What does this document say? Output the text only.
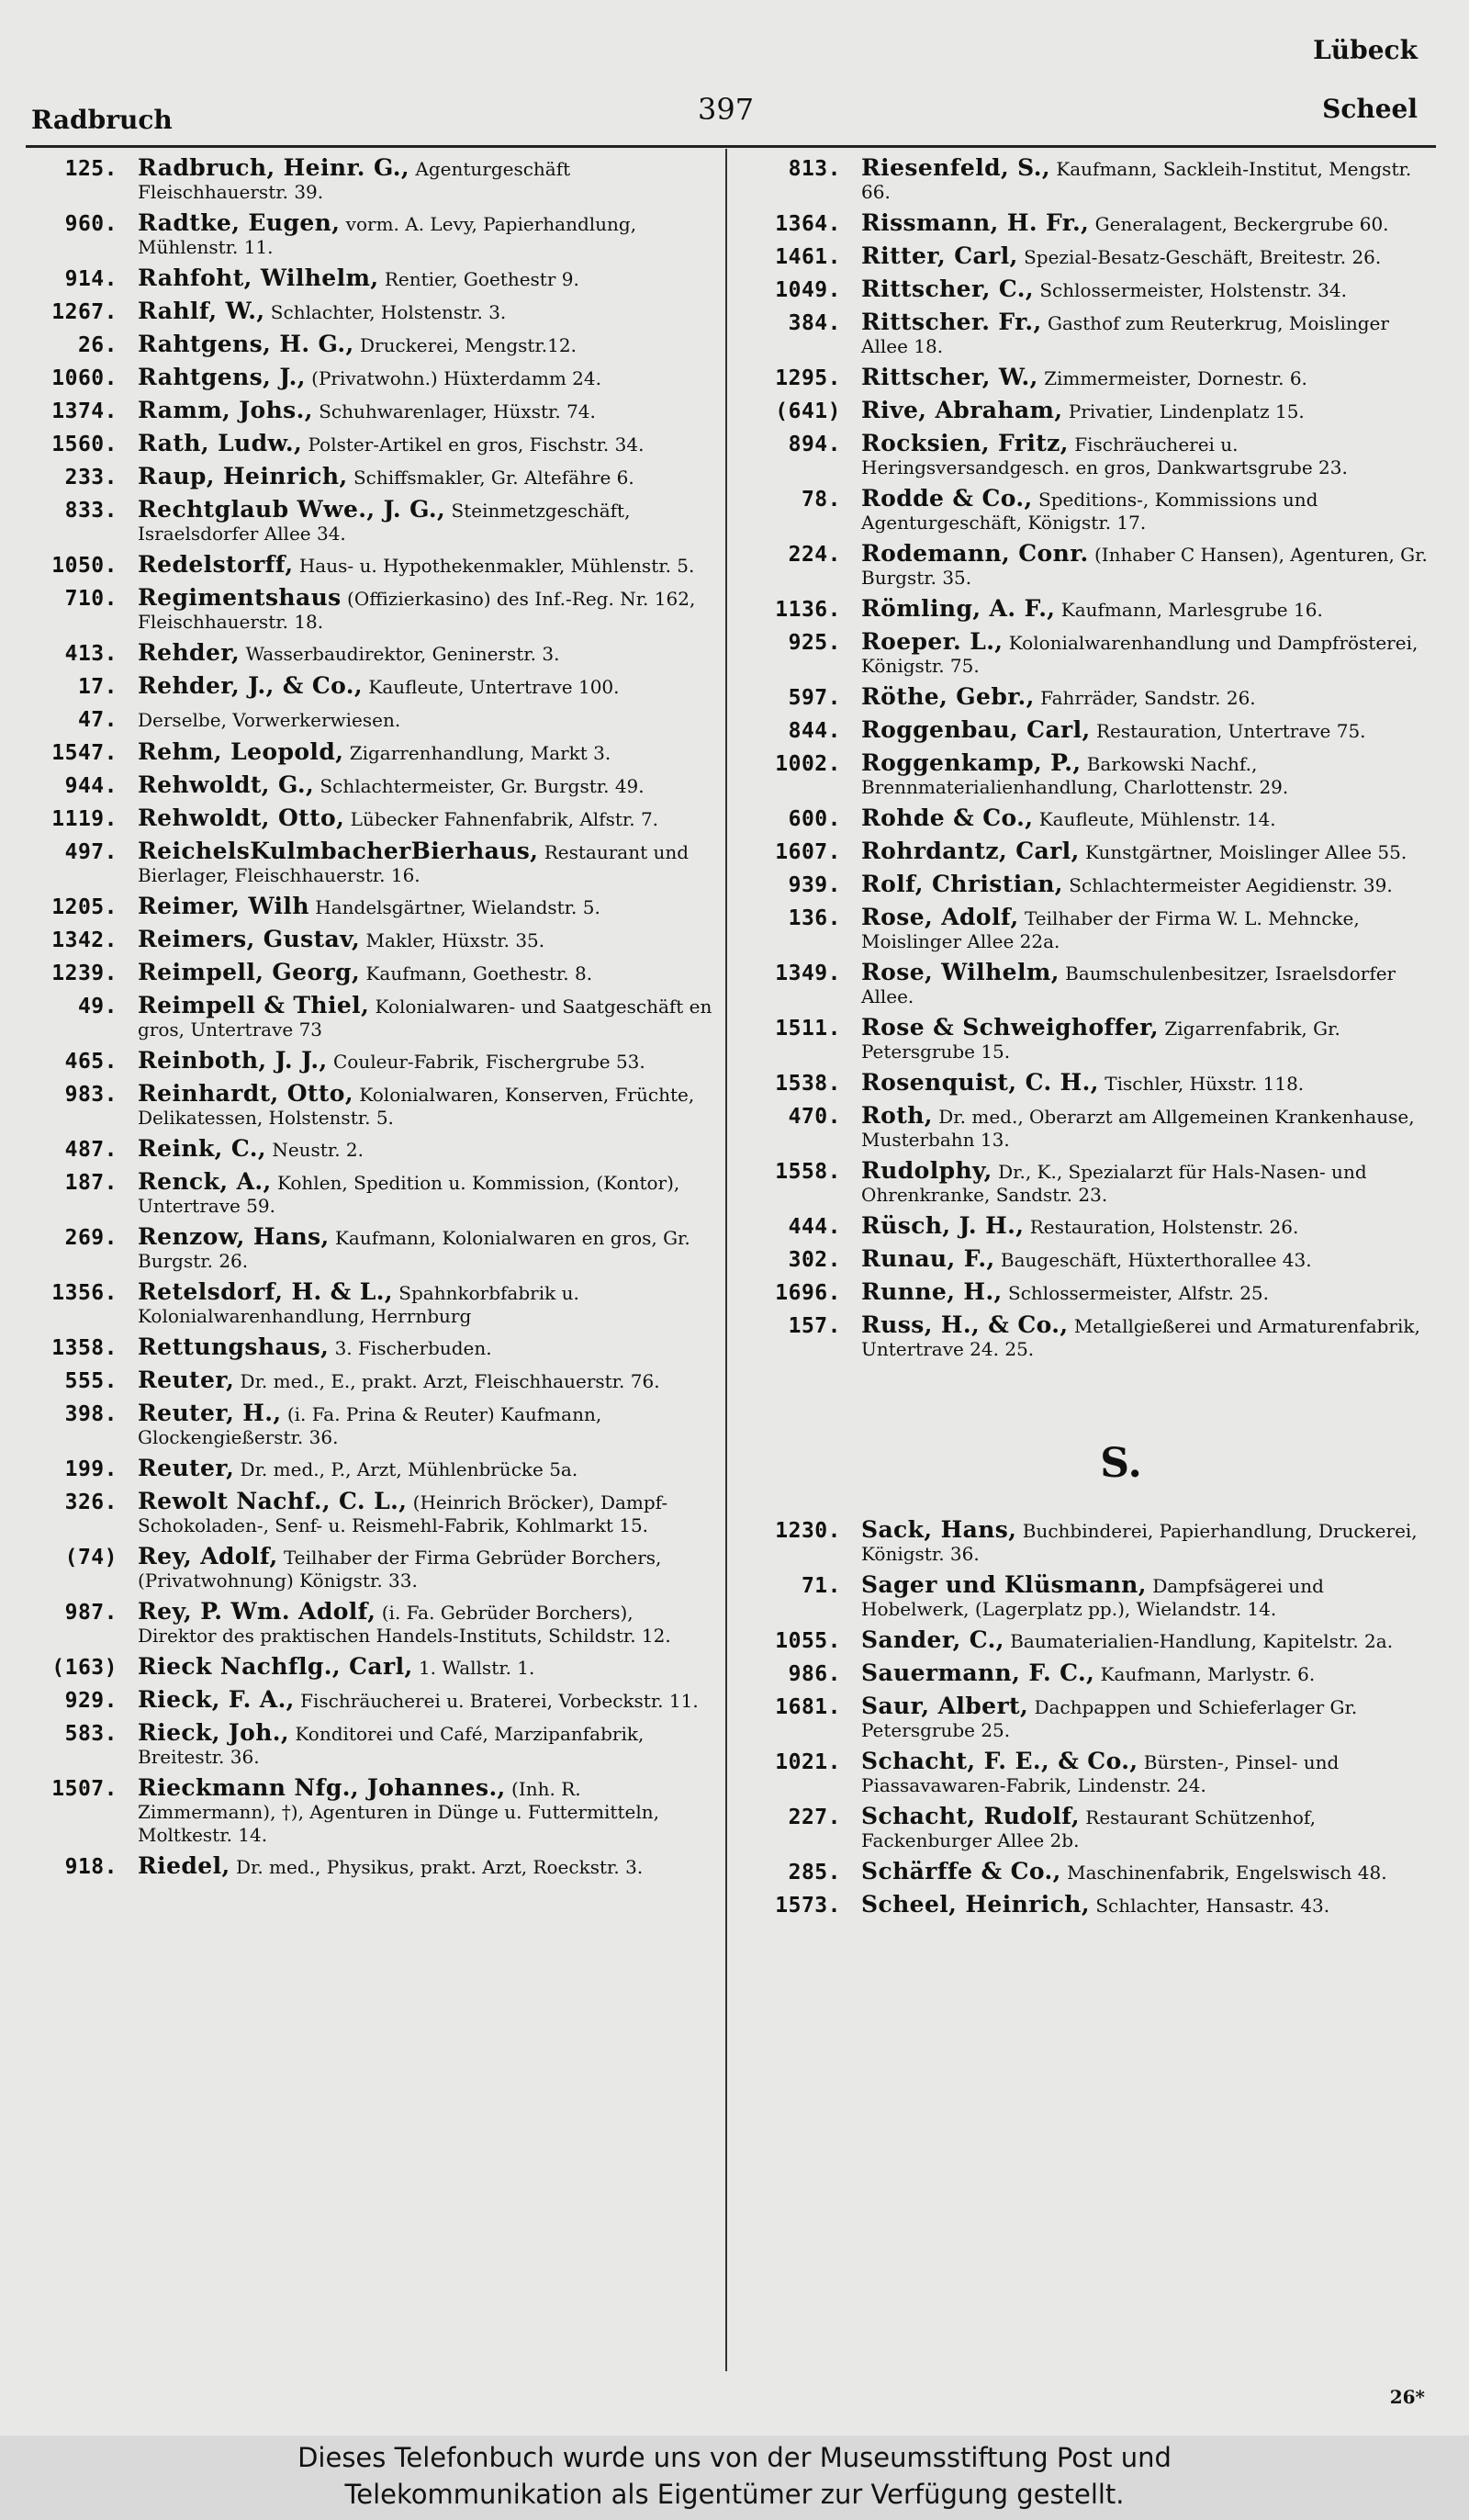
Lübeck
Radbruch	397	Scheel
125. Radbruch, Heinr. G., Agenturgeschäft Fleischhauerstr. 39.
960. Radtke, Eugen, vorm. A. Levy, Papierhandlung, Mühlenstr. 11.
914. Rahfoht, Wilhelm, Rentier, Goethestr 9.
1267. Rahlf, W., Schlachter, Holstenstr. 3.
26. Rahtgens, H. G., Druckerei, Mengstr.12.
1060. Rahtgens, J., (Privatwohn.) Hüxterdamm 24.
1374. Ramm, Johs., Schuhwarenlager, Hüxstr. 74.
1560. Rath, Ludw., Polster-Artikel en gros, Fischstr. 34.
233. Raup, Heinrich, Schiffsmakler, Gr. Altefähre 6.
833. Rechtglaub Wwe., J. G., Steinmetzgeschäft, Israelsdorfer Allee 34.
1050. Redelstorff, Haus- u. Hypothekenmakler, Mühlenstr. 5.
710. Regimentshaus (Offizierkasino) des Inf.-Reg. Nr. 162, Fleischhauerstr. 18.
413. Rehder, Wasserbaudirektor, Geninerstr. 3.
17. Rehder, J., & Co., Kaufleute, Untertrave 100.
47.	Derselbe, Vorwerkerwiesen.
1547. Rehm, Leopold, Zigarrenhandlung, Markt 3.
944. Rehwoldt, G., Schlachtermeister, Gr. Burgstr. 49.
1119. Rehwoldt, Otto, Lübecker Fahnenfabrik, Alfstr. 7.
497. ReichelsKulmbacherBierhaus, Restaurant und Bierlager, Fleischhauerstr. 16.
1205. Reimer, Wilh Handelsgärtner, Wielandstr. 5.
1342. Reimers, Gustav, Makler, Hüxstr. 35.
1239. Reimpell, Georg, Kaufmann, Goethestr. 8.
49. Reimpell & Thiel, Kolonialwaren- und Saatgeschäft en gros, Untertrave 73
465. Reinboth, J. J., Couleur-Fabrik, Fischergrube 53.
983. Reinhardt, Otto, Kolonialwaren, Konserven, Früchte, Delikatessen, Holstenstr. 5.
487. Reink, C., Neustr. 2.
187. Renck, A., Kohlen, Spedition u. Kommission, (Kontor), Untertrave 59.
269. Renzow, Hans, Kaufmann, Kolonialwaren en gros, Gr. Burgstr. 26.
1356. Retelsdorf, H. & L., Spahnkorbfabrik u. Kolonialwarenhandlung, Herrnburg
1358. Rettungshaus, 3. Fischerbuden.
555. Reuter, Dr. med., E., prakt. Arzt, Fleischhauerstr. 76.
398. Reuter, H., (i. Fa. Prina & Reuter) Kaufmann, Glockengießerstr. 36.
199. Reuter, Dr. med., P., Arzt, Mühlenbrücke 5a.
326. Rewolt Nachf., C. L., (Heinrich Bröcker), Dampf-Schokoladen-, Senf- u. Reismehl-Fabrik, Kohlmarkt 15.
(74) Rey, Adolf, Teilhaber der Firma Gebrüder Borchers, (Privatwohnung) Königstr. 33.
987. Rey, P. Wm. Adolf, (i. Fa. Gebrüder Borchers), Direktor des praktischen Handels-Instituts, Schildstr. 12.
(163) Rieck Nachflg., Carl, 1. Wallstr. 1.
929. Rieck, F. A., Fischräucherei u. Braterei, Vorbeckstr. 11.
583. Rieck, Joh., Konditorei und Café, Marzipanfabrik, Breitestr. 36.
1507. Rieckmann Nfg., Johannes., (Inh. R. Zimmermann), †), Agenturen in Dünge u. Futtermitteln, Moltkestr. 14.
918. Riedel, Dr. med., Physikus, prakt. Arzt, Roeckstr. 3.
813. Riesenfeld, S., Kaufmann, Sackleih-Institut, Mengstr. 66.
1364. Rissmann, H. Fr., Generalagent, Beckergrube 60.
1461. Ritter, Carl, Spezial-Besatz-Geschäft, Breitestr. 26.
1049. Rittscher, C., Schlossermeister, Holstenstr. 34.
384. Rittscher. Fr., Gasthof zum Reuterkrug, Moislinger Allee 18.
1295. Rittscher, W., Zimmermeister, Dornestr. 6.
(641) Rive, Abraham, Privatier, Lindenplatz 15.
894. Rocksien, Fritz, Fischräucherei u. Heringsversandgesch. en gros, Dankwartsgrube 23.
78. Rodde & Co., Speditions-, Kommissions und Agenturgeschäft, Königstr. 17.
224. Rodemann, Conr. (Inhaber C Hansen), Agenturen, Gr. Burgstr. 35.
1136. Römling, A. F., Kaufmann, Marlesgrube 16.
925. Roeper. L., Kolonialwarenhandlung und Dampfrösterei, Königstr. 75.
597. Röthe, Gebr., Fahrräder, Sandstr. 26.
844. Roggenbau, Carl, Restauration, Untertrave 75.
1002. Roggenkamp, P., Barkowski Nachf., Brennmaterialienhandlung, Charlottenstr. 29.
600. Rohde & Co., Kaufleute, Mühlenstr. 14.
1607. Rohrdantz, Carl, Kunstgärtner, Moislinger Allee 55.
939. Rolf, Christian, Schlachtermeister Aegidienstr. 39.
136. Rose, Adolf, Teilhaber der Firma W. L. Mehncke, Moislinger Allee 22a.
1349. Rose, Wilhelm, Baumschulenbesitzer, Israelsdorfer Allee.
1511. Rose & Schweighoffer, Zigarrenfabrik, Gr. Petersgrube 15.
1538. Rosenquist, C. H., Tischler, Hüxstr. 118.
470. Roth, Dr. med., Oberarzt am Allgemeinen Krankenhause, Musterbahn 13.
1558. Rudolphy, Dr., K., Spezialarzt für Hals-Nasen- und Ohrenkranke, Sandstr. 23.
444. Rüsch, J. H., Restauration, Holstenstr. 26.
302. Runau, F., Baugeschäft, Hüxterthorallee 43.
1696. Runne, H., Schlossermeister, Alfstr. 25.
157. Russ, H., & Co., Metallgießerei und Armaturenfabrik, Untertrave 24. 25.
S.
1230. Sack, Hans, Buchbinderei, Papierhandlung, Druckerei, Königstr. 36.
71. Sager und Klüsmann, Dampfsägerei und Hobelwerk, (Lagerplatz pp.), Wielandstr. 14.
1055. Sander, C., Baumaterialien-Handlung, Kapitelstr. 2a.
986. Sauermann, F. C., Kaufmann, Marlystr. 6.
1681. Saur, Albert, Dachpappen und Schieferlager Gr. Petersgrube 25.
1021. Schacht, F. E., & Co., Bürsten-, Pinsel- und Piassavawaren-Fabrik, Lindenstr. 24.
227. Schacht, Rudolf, Restaurant Schützenhof, Fackenburger Allee 2b.
285. Schärffe & Co., Maschinenfabrik, Engelswisch 48.
1573. Scheel, Heinrich, Schlachter, Hansastr. 43.
26*
Dieses Telefonbuch wurde uns von der Museumsstiftung Post und
Telekommunikation als Eigentümer zur Verfügung gestellt.
